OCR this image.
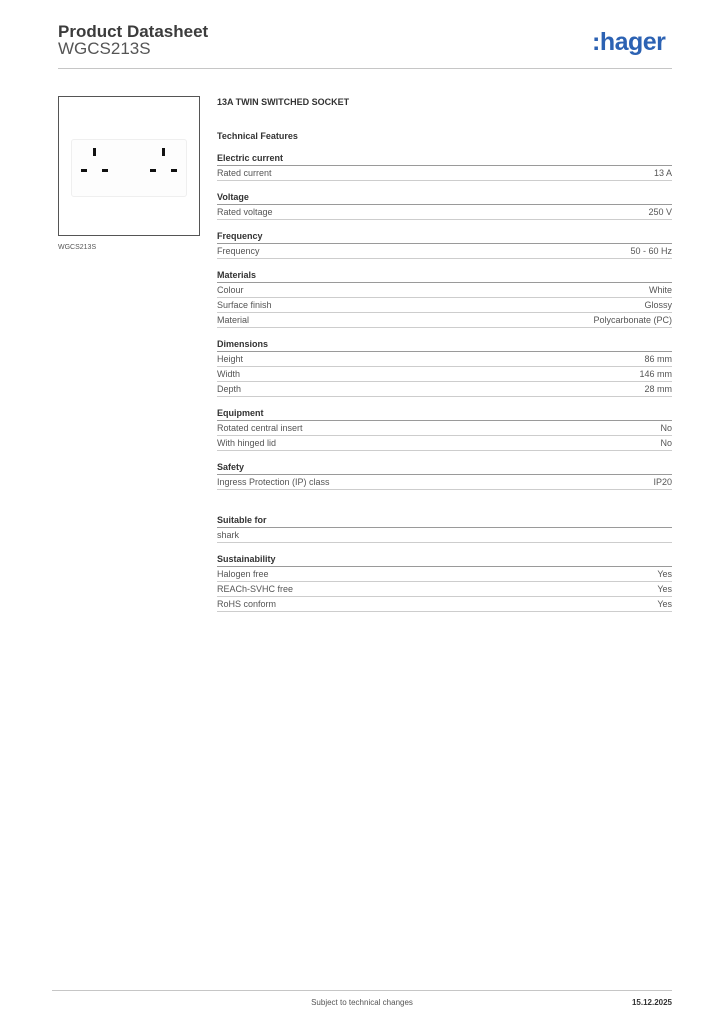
Product Datasheet
WGCS213S	:hager
WGCS213S
13A TWIN SWITCHED SOCKET
Technical Features
Electric current
Rated current	13 A
Voltage
Rated voltage	250 V
Frequency
Frequency	50 - 60 Hz
Materials
Colour	White
Surface finish	Glossy
Material	Polycarbonate (PC)
Dimensions
Height	86 mm
Width	146 mm
Depth	28 mm
Equipment
Rotated central insert	No
With hinged lid	No
Safety
Ingress Protection (IP) class	IP20
Suitable for
shark
Sustainability
Halogen free	Yes
REACh-SVHC free	Yes
RoHS conform	Yes
Subject to technical changes	15.12.2025
